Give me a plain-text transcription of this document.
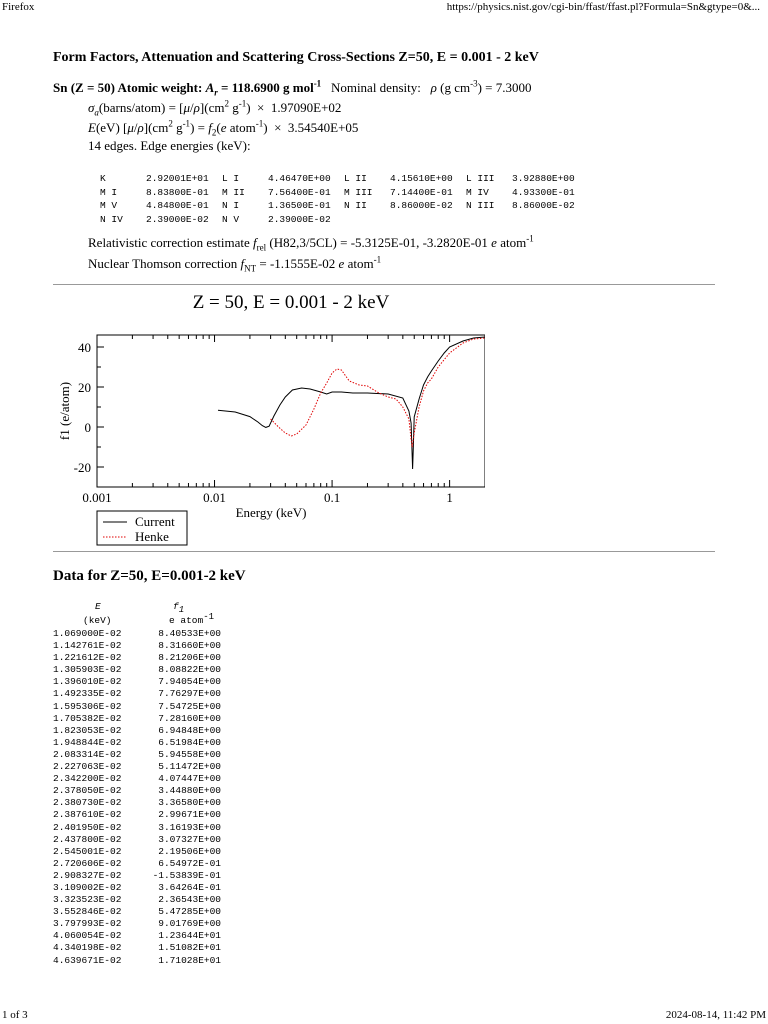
Firefox	https://physics.nist.gov/cgi-bin/ffast/ffast.pl?Formula=Sn&gtype=0&...
Form Factors, Attenuation and Scattering Cross-Sections Z=50, E = 0.001 - 2 keV
Sn (Z = 50) Atomic weight: $A_r = 118.6900$ g mol$^{-1}$ Nominal density: ρ (g $cm^{-3}) = 7.3000$
$\sigma_a(barns/atom) = [\mu/\rho](cm^2$ $g^{-1}) \times 1.97090E+02$
E(eV) $[\mu/\rho](cm^2$ $g^{-1}) = f_2(e$ atom$^{-1}$)  ×  3.54540E+05
14 edges. Edge energies (keV):
K	2.92001E+01	L I	4.46470E+00	L II	4.15610E+00	L III	3.92880E+00
M I	8.83800E-01	M II	7.56400E-01	M III	7.14400E-01	M IV	4.93300E-01
M V	4.84800E-01	N I	1.36500E-01	N II	8.86000E-02	N III	8.86000E-02
N IV	2.39000E-02	N V	2.39000E-02				
Relativistic correction estimate $f_{rel}$ (H82,3/5CL) = -5.3125E-01, -3.2820E-01 e atom$^{-1}$
Nuclear Thomson correction $f_{NT} = -1.1555E-02$ e atom$^{-1}$
Z = 50, E = 0.001 - 2 keV
0.001	0.01	0.1	1
40
20
0
-20
Energy (keV)
f1 (e/atom)
Current
Henke
Data for Z=50, E=0.001-2 keV
E	$f_1$
(keV)	e atom$^{-1}$
1.069000E-02	8.40533E+00
1.142761E-02	8.31660E+00
1.221612E-02	8.21206E+00
1.305903E-02	8.08822E+00
1.396010E-02	7.94054E+00
1.492335E-02	7.76297E+00
1.595306E-02	7.54725E+00
1.705382E-02	7.28160E+00
1.823053E-02	6.94848E+00
1.948844E-02	6.51984E+00
2.083314E-02	5.94558E+00
2.227063E-02	5.11472E+00
2.342200E-02	4.07447E+00
2.378050E-02	3.44880E+00
2.380730E-02	3.36580E+00
2.387610E-02	2.99671E+00
2.401950E-02	3.16193E+00
2.437800E-02	3.07327E+00
2.545001E-02	2.19506E+00
2.720606E-02	6.54972E-01
2.908327E-02	-1.53839E-01
3.109002E-02	3.64264E-01
3.323523E-02	2.36543E+00
3.552846E-02	5.47285E+00
3.797993E-02	9.01769E+00
4.060054E-02	1.23644E+01
4.340198E-02	1.51082E+01
4.639671E-02	1.71028E+01
1 of 3	2024-08-14, 11:42 PM
